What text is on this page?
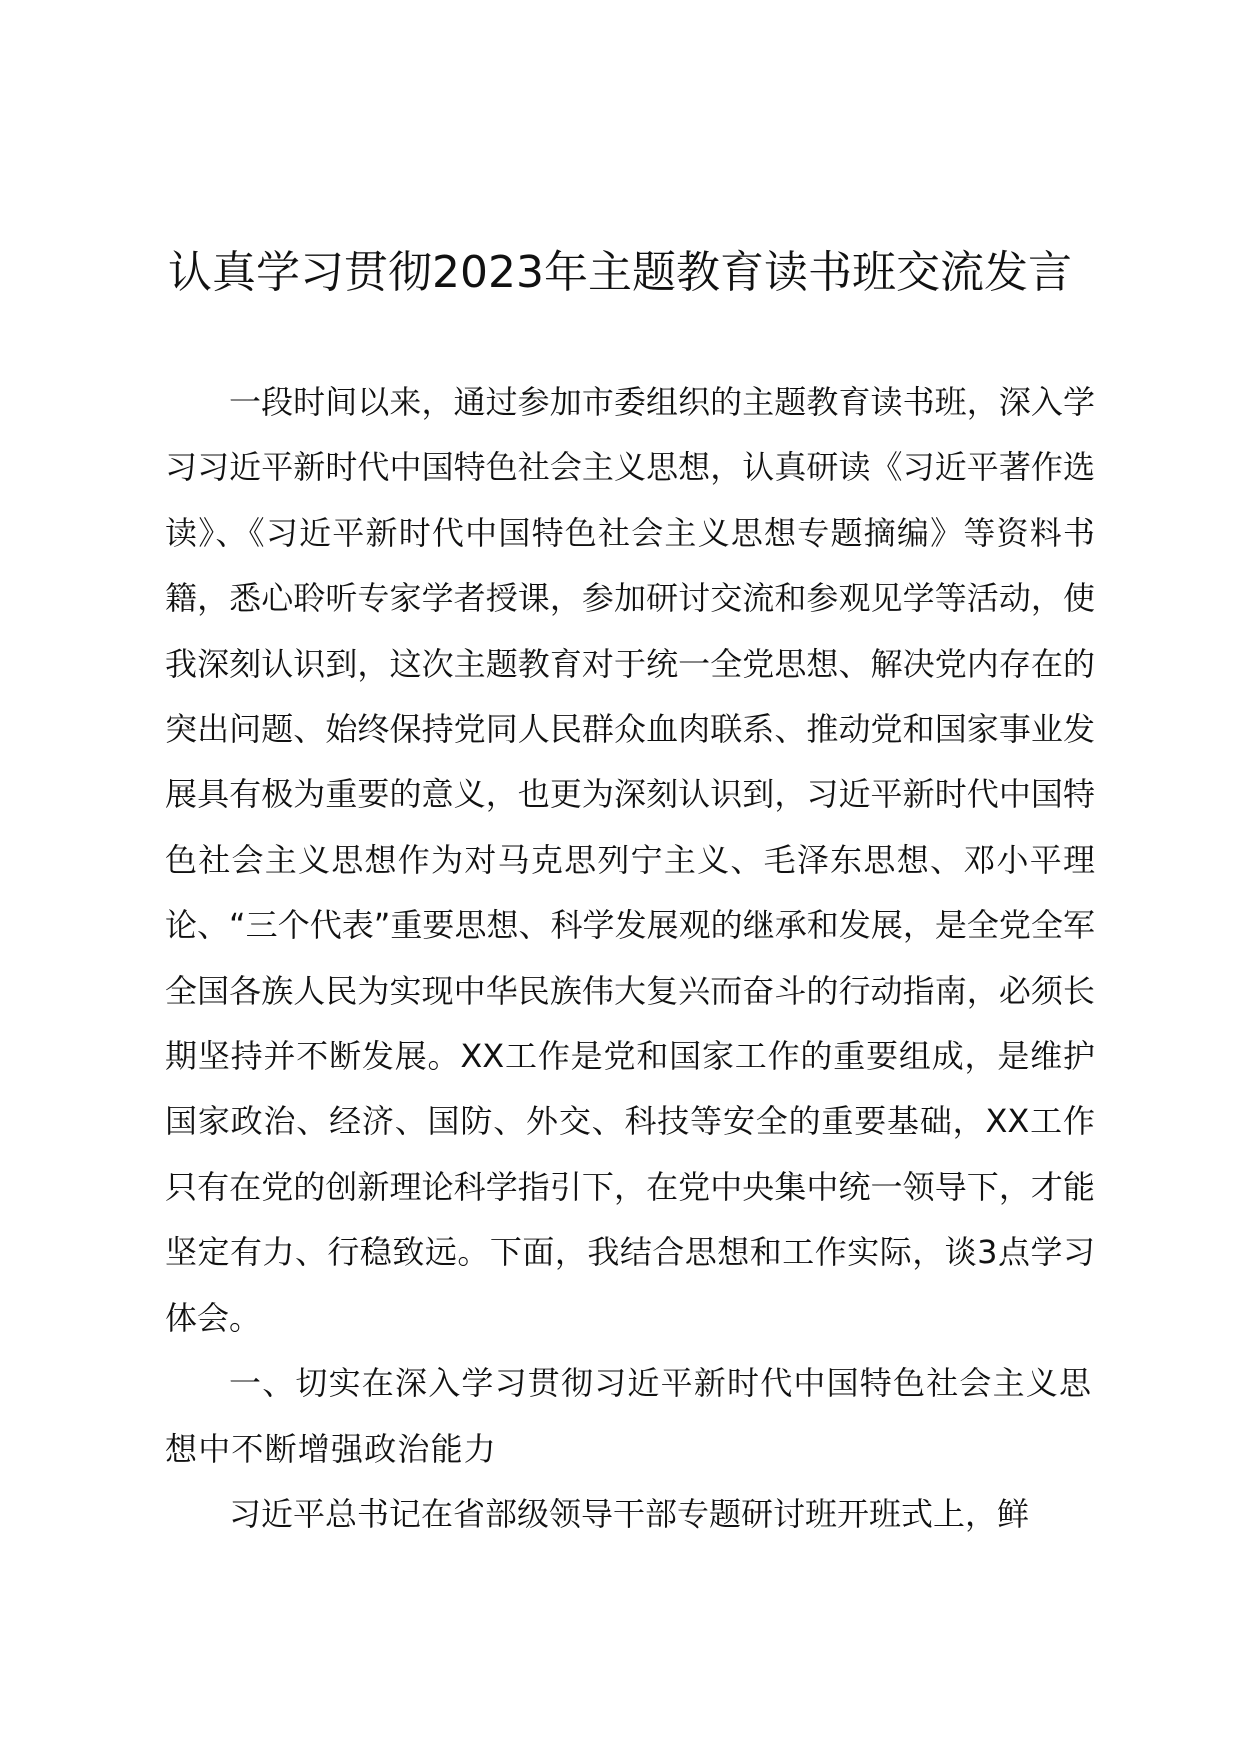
认真学习贯彻2023年主题教育读书班交流发言

一段时间以来，通过参加市委组织的主题教育读书班，深入学习习近平新时代中国特色社会主义思想，认真研读《习近平著作选读》、《习近平新时代中国特色社会主义思想专题摘编》等资料书籍，悉心聆听专家学者授课，参加研讨交流和参观见学等活动，使我深刻认识到，这次主题教育对于统一全党思想、解决党内存在的突出问题、始终保持党同人民群众血肉联系、推动党和国家事业发展具有极为重要的意义，也更为深刻认识到，习近平新时代中国特色社会主义思想作为对马克思列宁主义、毛泽东思想、邓小平理论、“三个代表”重要思想、科学发展观的继承和发展，是全党全军全国各族人民为实现中华民族伟大复兴而奋斗的行动指南，必须长期坚持并不断发展。XX工作是党和国家工作的重要组成，是维护国家政治、经济、国防、外交、科技等安全的重要基础，XX工作只有在党的创新理论科学指引下，在党中央集中统一领导下，才能坚定有力、行稳致远。下面，我结合思想和工作实际，谈3点学习体会。

一、切实在深入学习贯彻习近平新时代中国特色社会主义思想中不断增强政治能力

习近平总书记在省部级领导干部专题研讨班开班式上，鲜
